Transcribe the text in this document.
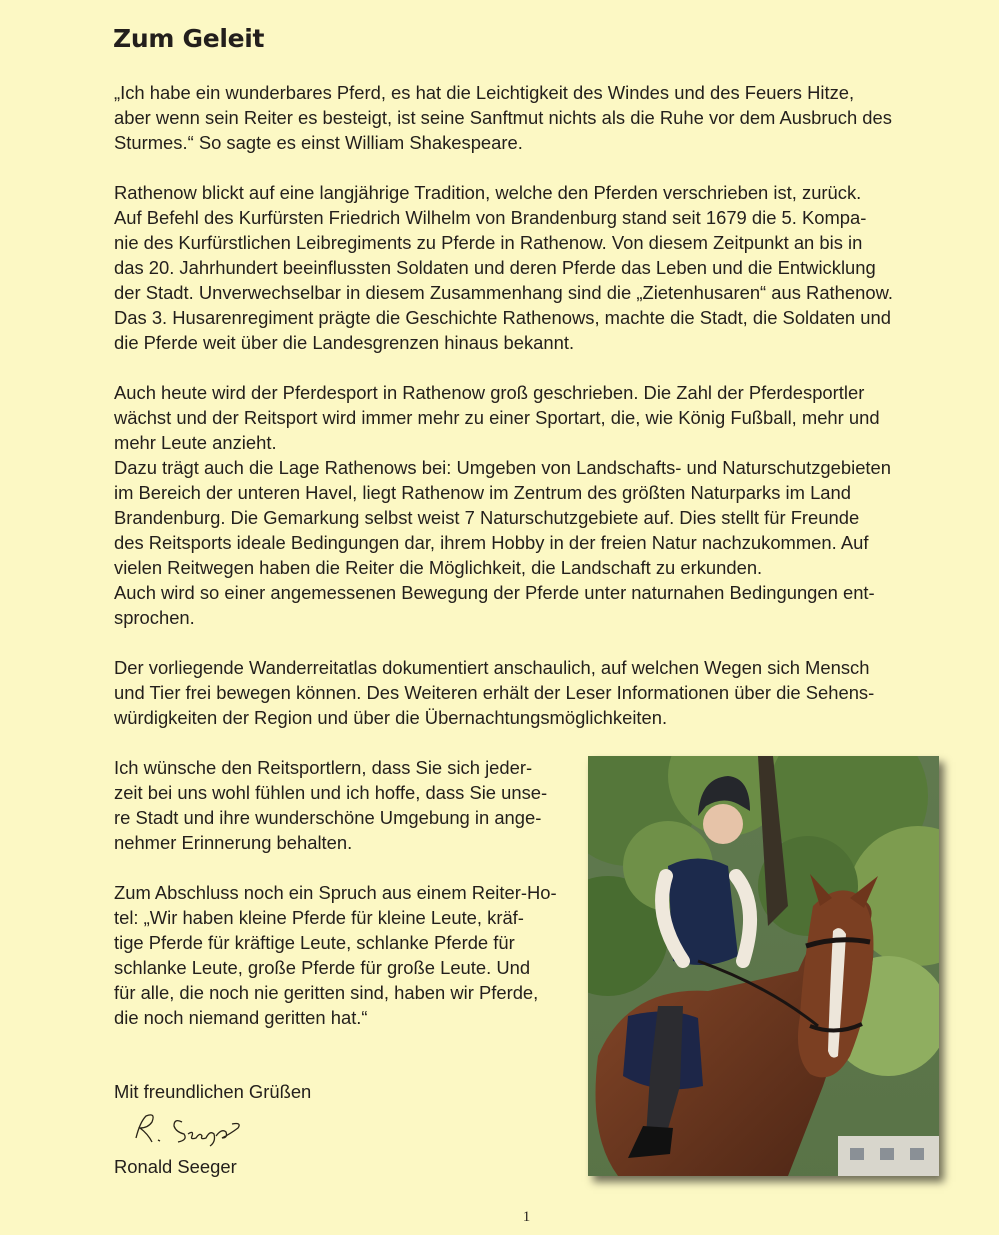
Zum Geleit

„Ich habe ein wunderbares Pferd, es hat die Leichtigkeit des Windes und des Feuers Hitze,
aber wenn sein Reiter es besteigt, ist seine Sanftmut nichts als die Ruhe vor dem Ausbruch des
Sturmes.“ So sagte es einst William Shakespeare.

Rathenow blickt auf eine langjährige Tradition, welche den Pferden verschrieben ist, zurück.
Auf Befehl des Kurfürsten Friedrich Wilhelm von Brandenburg stand seit 1679 die 5. Kompa-
nie des Kurfürstlichen Leibregiments zu Pferde in Rathenow. Von diesem Zeitpunkt an bis in
das 20. Jahrhundert beeinflussten Soldaten und deren Pferde das Leben und die Entwicklung
der Stadt. Unverwechselbar in diesem Zusammenhang sind die „Zietenhusaren“ aus Rathenow.
Das 3. Husarenregiment prägte die Geschichte Rathenows, machte die Stadt, die Soldaten und
die Pferde weit über die Landesgrenzen hinaus bekannt.

Auch heute wird der Pferdesport in Rathenow groß geschrieben. Die Zahl der Pferdesportler
wächst und der Reitsport wird immer mehr zu einer Sportart, die, wie König Fußball, mehr und
mehr Leute anzieht.
Dazu trägt auch die Lage Rathenows bei: Umgeben von Landschafts- und Naturschutzgebieten
im Bereich der unteren Havel, liegt Rathenow im Zentrum des größten Naturparks im Land
Brandenburg. Die Gemarkung selbst weist 7 Naturschutzgebiete auf. Dies stellt für Freunde
des Reitsports ideale Bedingungen dar, ihrem Hobby in der freien Natur nachzukommen. Auf
vielen Reitwegen haben die Reiter die Möglichkeit, die Landschaft zu erkunden.
Auch wird so einer angemessenen Bewegung der Pferde unter naturnahen Bedingungen ent-
sprochen.

Der vorliegende Wanderreitatlas dokumentiert anschaulich, auf welchen Wegen sich Mensch
und Tier frei bewegen können. Des Weiteren erhält der Leser Informationen über die Sehens-
würdigkeiten der Region und über die Übernachtungsmöglichkeiten.

Ich wünsche den Reitsportlern, dass Sie sich jeder-
zeit bei uns wohl fühlen und ich hoffe, dass Sie unse-
re Stadt und ihre wunderschöne Umgebung in ange-
nehmer Erinnerung behalten.

Zum Abschluss noch ein Spruch aus einem Reiter-Ho-
tel: „Wir haben kleine Pferde für kleine Leute, kräf-
tige Pferde für kräftige Leute, schlanke Pferde für
schlanke Leute, große Pferde für große Leute. Und
für alle, die noch nie geritten sind, haben wir Pferde,
die noch niemand geritten hat.“

Mit freundlichen Grüßen

Ronald Seeger

1
